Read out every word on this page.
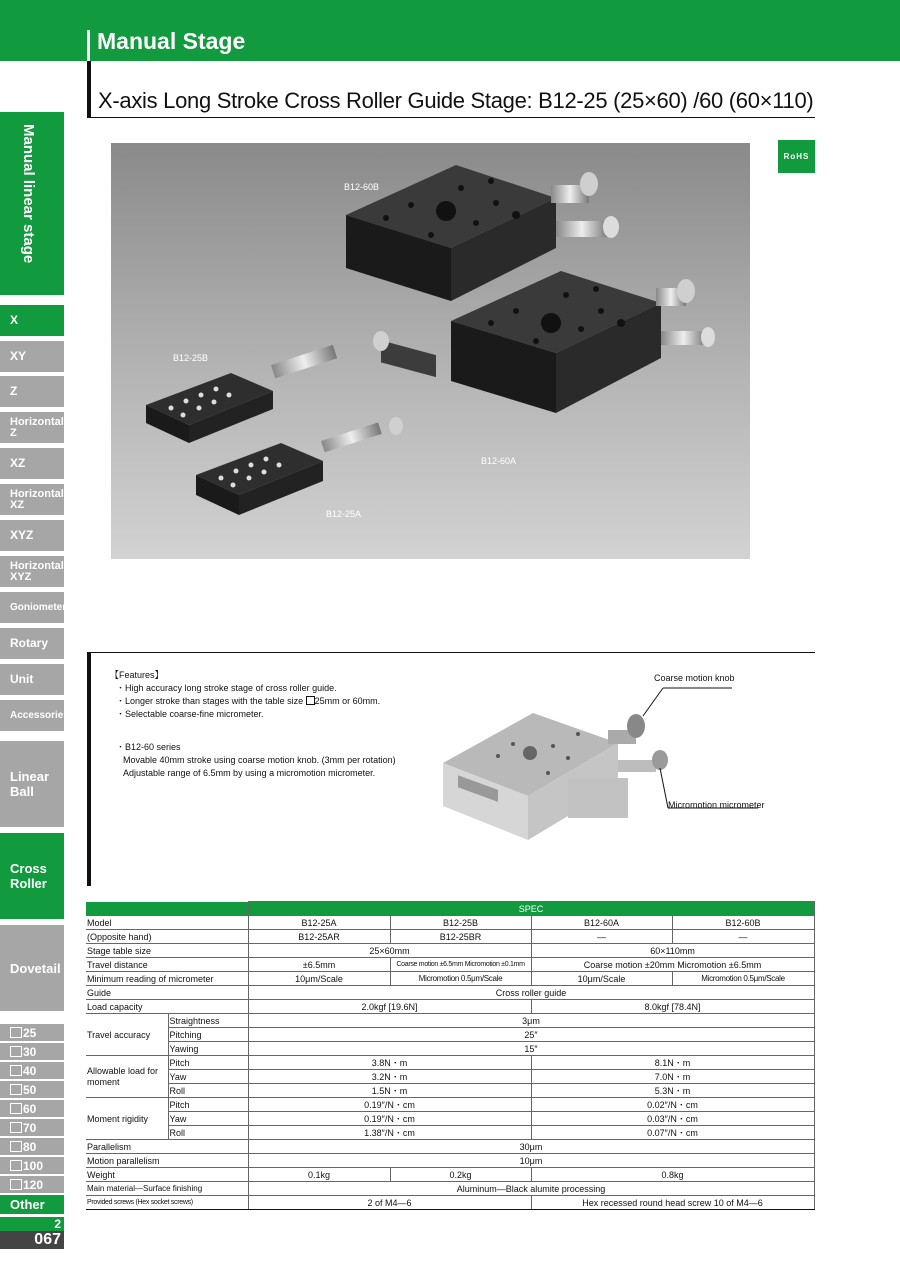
Manual Stage
X-axis Long Stroke Cross Roller Guide Stage: B12-25 (25×60) /60 (60×110)
RoHS
Manual linear stage
X
XY
Z
Horizontal Z
XZ
Horizontal XZ
XYZ
Horizontal XYZ
Goniometer
Rotary
Unit
Accessories
Linear Ball
Cross Roller
Dovetail
25
30
40
50
60
70
80
100
120
Other
2
067
B12-60B
B12-25B
B12-60A
B12-25A
【Features】
・High accuracy long stroke stage of cross roller guide.
・Longer stroke than stages with the table size 25mm or 60mm.
・Selectable coarse-fine micrometer.
・B12-60 series
Movable 40mm stroke using coarse motion knob. (3mm per rotation)
Adjustable range of 6.5mm by using a micromotion micrometer.
Coarse motion knob
Micromotion micrometer
		SPEC			
Model		B12-25A	B12-25B	B12-60A	B12-60B
(Opposite hand)		B12-25AR	B12-25BR	—	—
Stage table size		25×60mm		60×110mm	
Travel distance		±6.5mm	Coarse motion ±6.5mm Micromotion ±0.1mm	Coarse motion ±20mm Micromotion ±6.5mm	
Minimum reading of micrometer		10μm/Scale	Micromotion 0.5μm/Scale	10μm/Scale	Micromotion 0.5μm/Scale
Guide		Cross roller guide			
Load capacity		2.0kgf [19.6N]		8.0kgf [78.4N]	
Travel accuracy	Straightness	3μm			
	Pitching	25″			
	Yawing	15″			
Allowable load for moment	Pitch	3.8N・m		8.1N・m	
	Yaw	3.2N・m		7.0N・m	
	Roll	1.5N・m		5.3N・m	
Moment rigidity	Pitch	0.19″/N・cm		0.02″/N・cm	
	Yaw	0.19″/N・cm		0.03″/N・cm	
	Roll	1.38″/N・cm		0.07″/N・cm	
Parallelism		30μm			
Motion parallelism		10μm			
Weight		0.1kg	0.2kg	0.8kg	
Main material—Surface finishing		Aluminum—Black alumite processing			
Provided screws (Hex socket screws)		2 of M4—6		Hex recessed round head screw 10 of M4—6	
